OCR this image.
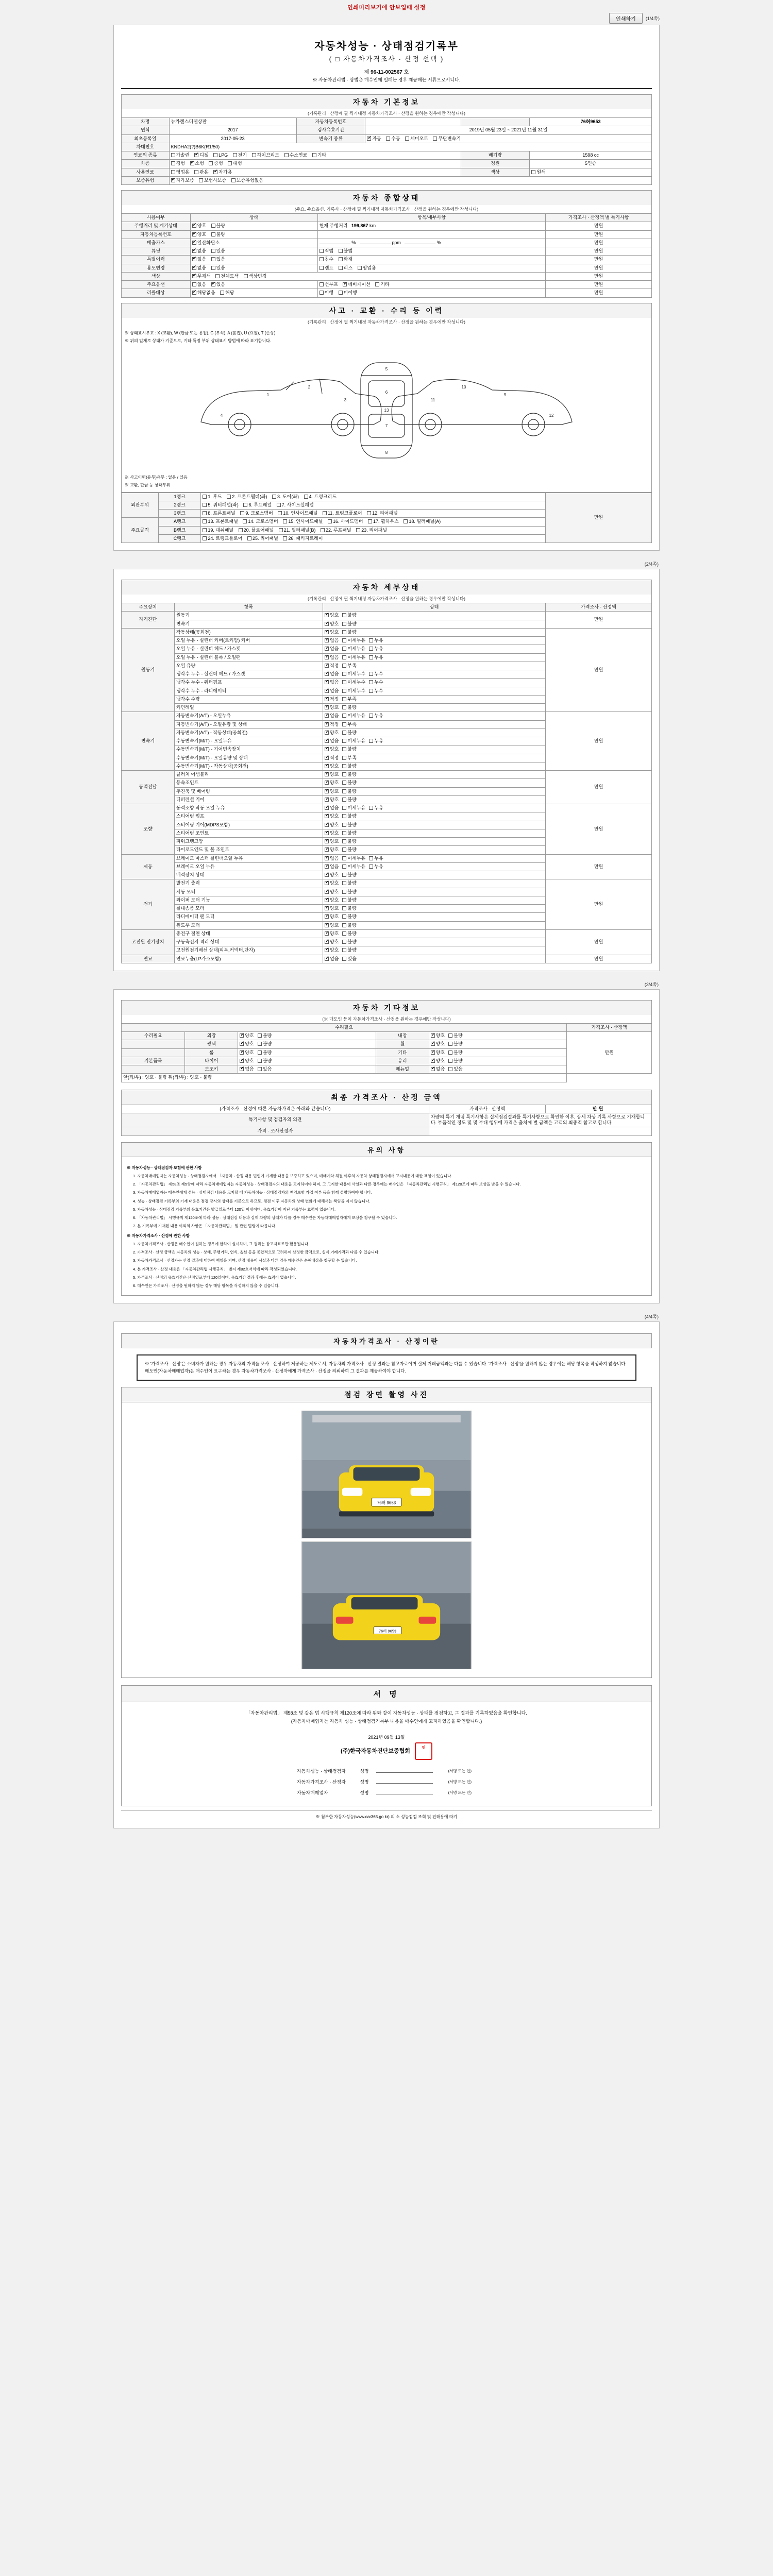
인쇄미리보기에 안보입때 설정
인쇄하기	(1/4쪽)
자동차성능 · 상태점검기록부
( □ 자동차가격조사 · 산정 선택 )
제 96-11-002567 호
※ 자동차관리법 · 상법은 매수인에 열패는 경우 제공해는 서류으로서니다.
자동차 기본정보
(기록관리 · 산정에 필 찍기내정 자동차가격조사 · 산정을 원하는 경우에만 작성니다)
차명	뉴카렌스디젤상판	자동차등록번호			76허9653
연식	2017	검사유효기간	2019년 05월 23일 ~ 2021년 11월 31일		
최초등록일	2017-05-23	변속기 종류	✔자동 수동 세미오토 무단변속기
차대번호	KNDHA2(?)B6K(R1/50)				
연료의 종류	가솔린 ✔ 디젤 LPG 전기 하이브리드 수소연료 기타			배기량	1598 cc
차종	경형 ✔ 소형 중형 대형			정원	5인승
사용연료	영업용 관용 ✔ 자가용			색상	원색
보증유형	✔자가보증 보험사보증 보증유형없음
자동차 종합상태
(주요, 주요옵션, 기록사 · 산정에 필 찍기내정 자동차가격조사 · 산정을 원하는 경우에만 작성니다)
사용여부	상태	항목/세부사항	가격조사 · 산정액 별 특기사항
주행거리 및 계기상태	✔양호 불량	현재 주행거리 199,867 km	만원
자동차등록번호	✔양호 불량		만원
배출가스	✔일산화탄소	% ppm %	만원
튜닝	✔없음 있음	적법 불법	만원
특별이력	✔없음 있음	침수 화재	만원
용도변경	✔없음 있음	렌트 리스 영업용	만원
색상	✔무채색 전체도색 색상변경		만원
주요옵션	없음 ✔ 있음	선루프 ✔ 네비게이션 기타	만원
리콜대상	✔해당없음 해당	이행 미이행	만원
사고 · 교환 · 수리 등 이력
(기록관리 · 산정에 필 찍기내정 자동차가격조사 · 산정을 원하는 경우에만 작성니다)
※ 상태표시부호 : X (교환), W (판금 또는 용접), C (부식), A (흠집), U (요철), T (손상)
※ 위의 일체로 상태가 기준으로, 기타 특정 부위 상태표시 방법에 따라 표기합니다.
1
2
3
4
5
6
7
8
9
10
11
12
13
※ 사고이력(유무)유무 : 없음 / 있음
※ 교환, 판금 등 상태부위
외판부위	1랭크	1. 후드 2. 프론트휀더(좌) 3. 도어(좌) 4. 트렁크리드	만원
	2랭크	5. 쿼터패널(좌) 6. 루프패널 7. 사이드실패널	
	3랭크	8. 프론트패널 9. 크로스멤버 10. 인사이드패널 11. 트렁크플로어 12. 리어패널	
주요골격	A랭크	13. 프론트패널 14. 크로스멤버 15. 인사이드패널 16. 사이드멤버 17. 휠하우스 18. 필러패널(A)	
	B랭크	19. 대쉬패널 20. 플로어패널 21. 필러패널(B) 22. 루프패널 23. 리어패널	
	C랭크	24. 트렁크플로어 25. 리어패널 26. 패키지트레이	
(2/4쪽)
자동차 세부상태
(기록관리 · 산정에 필 찍기내정 자동차가격조사 · 산정을 원하는 경우에만 작성니다)
주요장치	항목	상태	가격조사 · 산정액
자기진단	원동기	✔양호 불량	만원
	변속기	✔양호 불량
원동기	작동상태(공회전)	✔양호 불량	만원
	오일 누유 - 실린더 커버(로커암) 커버	✔없음 미세누유 누유
	오일 누유 - 실린더 헤드 / 가스켓	✔없음 미세누유 누유
	오일 누유 - 실린더 블록 / 오일팬	✔없음 미세누유 누유
	오일 유량	✔적정 부족
	냉각수 누수 - 실린더 헤드 / 가스켓	✔없음 미세누수 누수
	냉각수 누수 - 워터펌프	✔없음 미세누수 누수
	냉각수 누수 - 라디에이터	✔없음 미세누수 누수
	냉각수 수량	✔적정 부족
	커먼레일	✔양호 불량
변속기	자동변속기(A/T) - 오일누유	✔없음 미세누유 누유	만원
	자동변속기(A/T) - 오일유량 및 상태	✔적정 부족
	자동변속기(A/T) - 작동상태(공회전)	✔양호 불량
	수동변속기(M/T) - 오일누유	✔없음 미세누유 누유
	수동변속기(M/T) - 기어변속장치	✔양호 불량
	수동변속기(M/T) - 오일유량 및 상태	✔적정 부족
	수동변속기(M/T) - 작동상태(공회전)	✔양호 불량
동력전달	클러치 어셈블리	✔양호 불량	만원
	등속조인트	✔양호 불량
	추진축 및 베어링	✔양호 불량
	디퍼렌셜 기어	✔양호 불량
조향	동력조향 작동 오일 누유	✔없음 미세누유 누유	만원
	스티어링 펌프	✔양호 불량
	스티어링 기어(MDPS포함)	✔양호 불량
	스티어링 조인트	✔양호 불량
	파워크랭크암	✔양호 불량
	타이로드엔드 및 볼 조인트	✔양호 불량
제동	브레이크 마스터 실린더오일 누유	✔없음 미세누유 누유	만원
	브레이크 오일 누유	✔없음 미세누유 누유
	배력장치 상태	✔양호 불량
전기	발전기 출력	✔양호 불량	만원
	시동 모터	✔양호 불량
	와이퍼 모터 기능	✔양호 불량
	실내송풍 모터	✔양호 불량
	라디에이터 팬 모터	✔양호 불량
	윈도우 모터	✔양호 불량
고전원 전기장치	충전구 절연 상태	✔양호 불량	만원
	구동축전지 격리 상태	✔양호 불량
	고전원전기배선 상태(피복,커넥터,단자)	✔양호 불량
연료	연료누출(LP가스포함)	✔없음 있음	만원
(3/4쪽)
자동차 기타정보
(※ 매도인 등이 자동차가격조사 · 산정을 원하는 경우에만 작성니다)
수리필요					가격조사 · 산정액
수리필요	외장	✔양호 불량	내장	✔양호 불량	만원
	광택	✔양호 불량	휠	✔양호 불량
	룸	✔양호 불량	기타	✔양호 불량
기본품목	타이어	✔양호 불량	유리	✔양호 불량
	보조키	✔없음 있음	메뉴얼	✔없음 있음
앞(좌/우) : 양호 · 불량 뒤(좌/우) : 양호 · 불량					
최종 가격조사 · 산정 금액
(가격조사 · 산정에 따른 자동차가격은 아래와 같습니다)	가격조사 · 산정액	만원
특기사항 및 점검자의 의견	차량의 특기 개념 특기사항은 실제점검결과를 특기사항으로 확인한 이후, 상세 차상 기록 사항으로 기재합니다. 부품적인 정도 및 및 부대 행위에 가격은 출처에 별 금액은 고객의 최종적 참고로 합니다.	
가격 · 조사산정자		
유의 사항

※ 자동차성능 · 상태점검자 보험에 관한 사항

1. 자동차매매업자는 자동차성능 · 상태점검자에서 「자동차 · 산정 내용 법인에 기재한 내용을 보증하고 있으며, 매매계약 체결 이후의 자동차 상태점검자에서 고지내용에 대한 책임이 있습니다.

2. 「자동차관리법」 제58조 제5항에 따라 자동차매매업자는 자동차성능 · 상태점검자의 내용을 고지하여야 하며, 그 고지한 내용이 사실과 다른 경우에는 매수인은 「자동차관리법 시행규칙」 제120조에 따라 보상을 받을 수 있습니다.

3. 자동차매매업자는 매수인에게 성능 · 상태점검 내용을 고지할 때 자동차성능 · 상태점검자의 책임보험 가입 여부 등을 함께 설명하여야 합니다.

4. 성능 · 상태점검 기록부의 기재 내용은 점검 당시의 상태를 기준으로 하므로, 점검 이후 자동차의 상태 변화에 대해서는 책임을 지지 않습니다.

5. 자동차성능 · 상태점검 기록부의 유효기간은 발급일로부터 120일 이내이며, 유효기간이 지난 기록부는 효력이 없습니다.

6. 「자동차관리법」 시행규칙 제120조에 따라 성능 · 상태점검 내용과 실제 차량의 상태가 다를 경우 매수인은 자동차매매업자에게 보상을 청구할 수 있습니다.

7. 본 기록부에 기재된 내용 이외의 사항은 「자동차관리법」 및 관련 법령에 따릅니다.

※ 자동차가격조사 · 산정에 관한 사항

1. 자동차가격조사 · 산정은 매수인이 원하는 경우에 한하여 실시하며, 그 결과는 참고자료로만 활용됩니다.

2. 가격조사 · 산정 금액은 자동차의 성능 · 상태, 주행거리, 연식, 옵션 등을 종합적으로 고려하여 산정한 금액으로, 실제 거래가격과 다를 수 있습니다.

3. 자동차가격조사 · 산정자는 산정 결과에 대하여 책임을 지며, 산정 내용이 사실과 다른 경우 매수인은 손해배상을 청구할 수 있습니다.

4. 본 가격조사 · 산정 내용은 「자동차관리법 시행규칙」 별지 제82호서식에 따라 작성되었습니다.

5. 가격조사 · 산정의 유효기간은 산정일로부터 120일이며, 유효기간 경과 후에는 효력이 없습니다.

6. 매수인은 가격조사 · 산정을 원하지 않는 경우 해당 항목을 작성하지 않을 수 있습니다.

(4/4쪽)
자동차가격조사 · 산정이란
※ '가격조사 · 산정'은 소비자가 원하는 경우 자동차의 가격을 조사 · 산정하여 제공하는 제도로서, 자동차의 가격조사 · 산정 결과는 참고자료이며 실제 거래금액과는 다를 수 있습니다. '가격조사 · 산정'을 원하지 않는 경우에는 해당 항목을 작성하지 않습니다. 매도인(자동차매매업자)은 매수인이 요구하는 경우 자동차가격조사 · 산정자에게 가격조사 · 산정을 의뢰하여 그 결과를 제공하여야 합니다.
점검 장면 촬영 사진
76허 9653
76허 9653
서 명
「자동차관리법」 제58조 및 같은 법 시행규칙 제120조에 따라 위와 같이 자동차성능 · 상태를 점검하고, 그 결과를 기록하였음을 확인합니다.
(자동차매매업자는 자동차 성능 · 상태점검기록부 내용을 매수인에게 고지하였음을 확인합니다.)
2021년 09월 13일
(주)한국자동차진단보증협회 인
자동차성능 · 상태점검자	성명		(서명 또는 인)
자동차가격조사 · 산정자	성명		(서명 또는 인)
자동차매매업자	성명		(서명 또는 인)
※ 첨부한 자동차성능(www.car365.go.kr) 의 소 성능점검 조회 및 진해용에 따기
